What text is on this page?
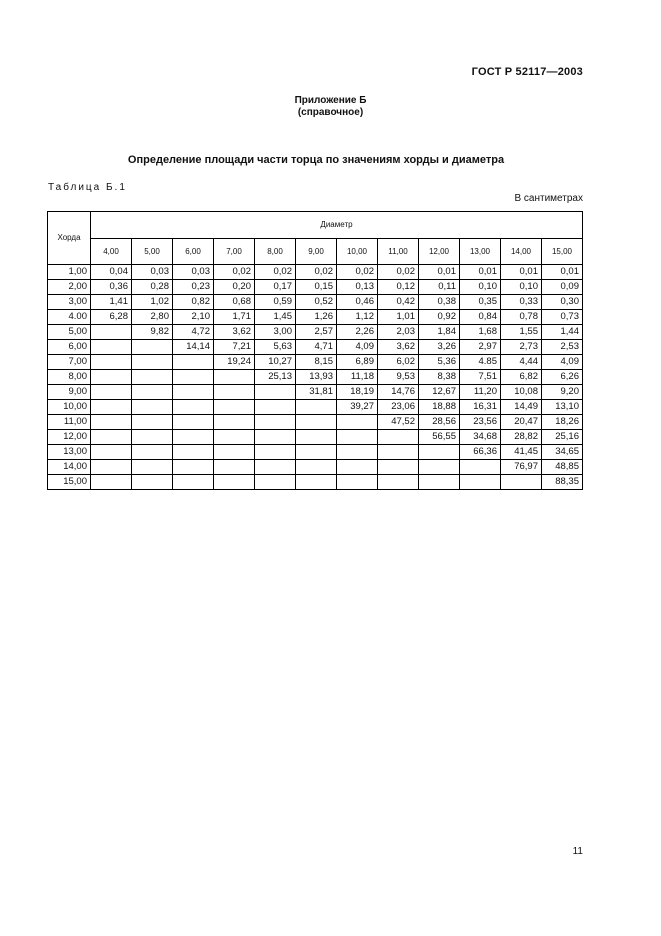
ГОСТ Р 52117—2003
Приложение Б
(справочное)
Определение площади части торца по значениям хорды и диаметра
Таблица Б.1
В сантиметрах
Хорда	Диаметр											
	4,00	5,00	6,00	7,00	8,00	9,00	10,00	11,00	12,00	13,00	14,00	15,00
1,00	0,04	0,03	0,03	0,02	0,02	0,02	0,02	0,02	0,01	0,01	0,01	0,01
2,00	0,36	0,28	0,23	0,20	0,17	0,15	0,13	0,12	0,11	0,10	0,10	0,09
3,00	1,41	1,02	0,82	0,68	0,59	0,52	0,46	0,42	0,38	0,35	0,33	0,30
4.00	6,28	2,80	2,10	1,71	1,45	1,26	1,12	1,01	0,92	0,84	0,78	0,73
5,00		9,82	4,72	3,62	3,00	2,57	2,26	2,03	1,84	1,68	1,55	1,44
6,00			14,14	7,21	5,63	4,71	4,09	3,62	3,26	2,97	2,73	2,53
7,00				19,24	10,27	8,15	6,89	6,02	5,36	4.85	4,44	4,09
8,00					25,13	13,93	11,18	9,53	8,38	7,51	6,82	6,26
9,00						31,81	18,19	14,76	12,67	11,20	10,08	9,20
10,00							39,27	23,06	18,88	16,31	14,49	13,10
11,00								47,52	28,56	23,56	20,47	18,26
12,00									56,55	34,68	28,82	25,16
13,00										66,36	41,45	34,65
14,00											76,97	48,85
15,00												88,35
11
